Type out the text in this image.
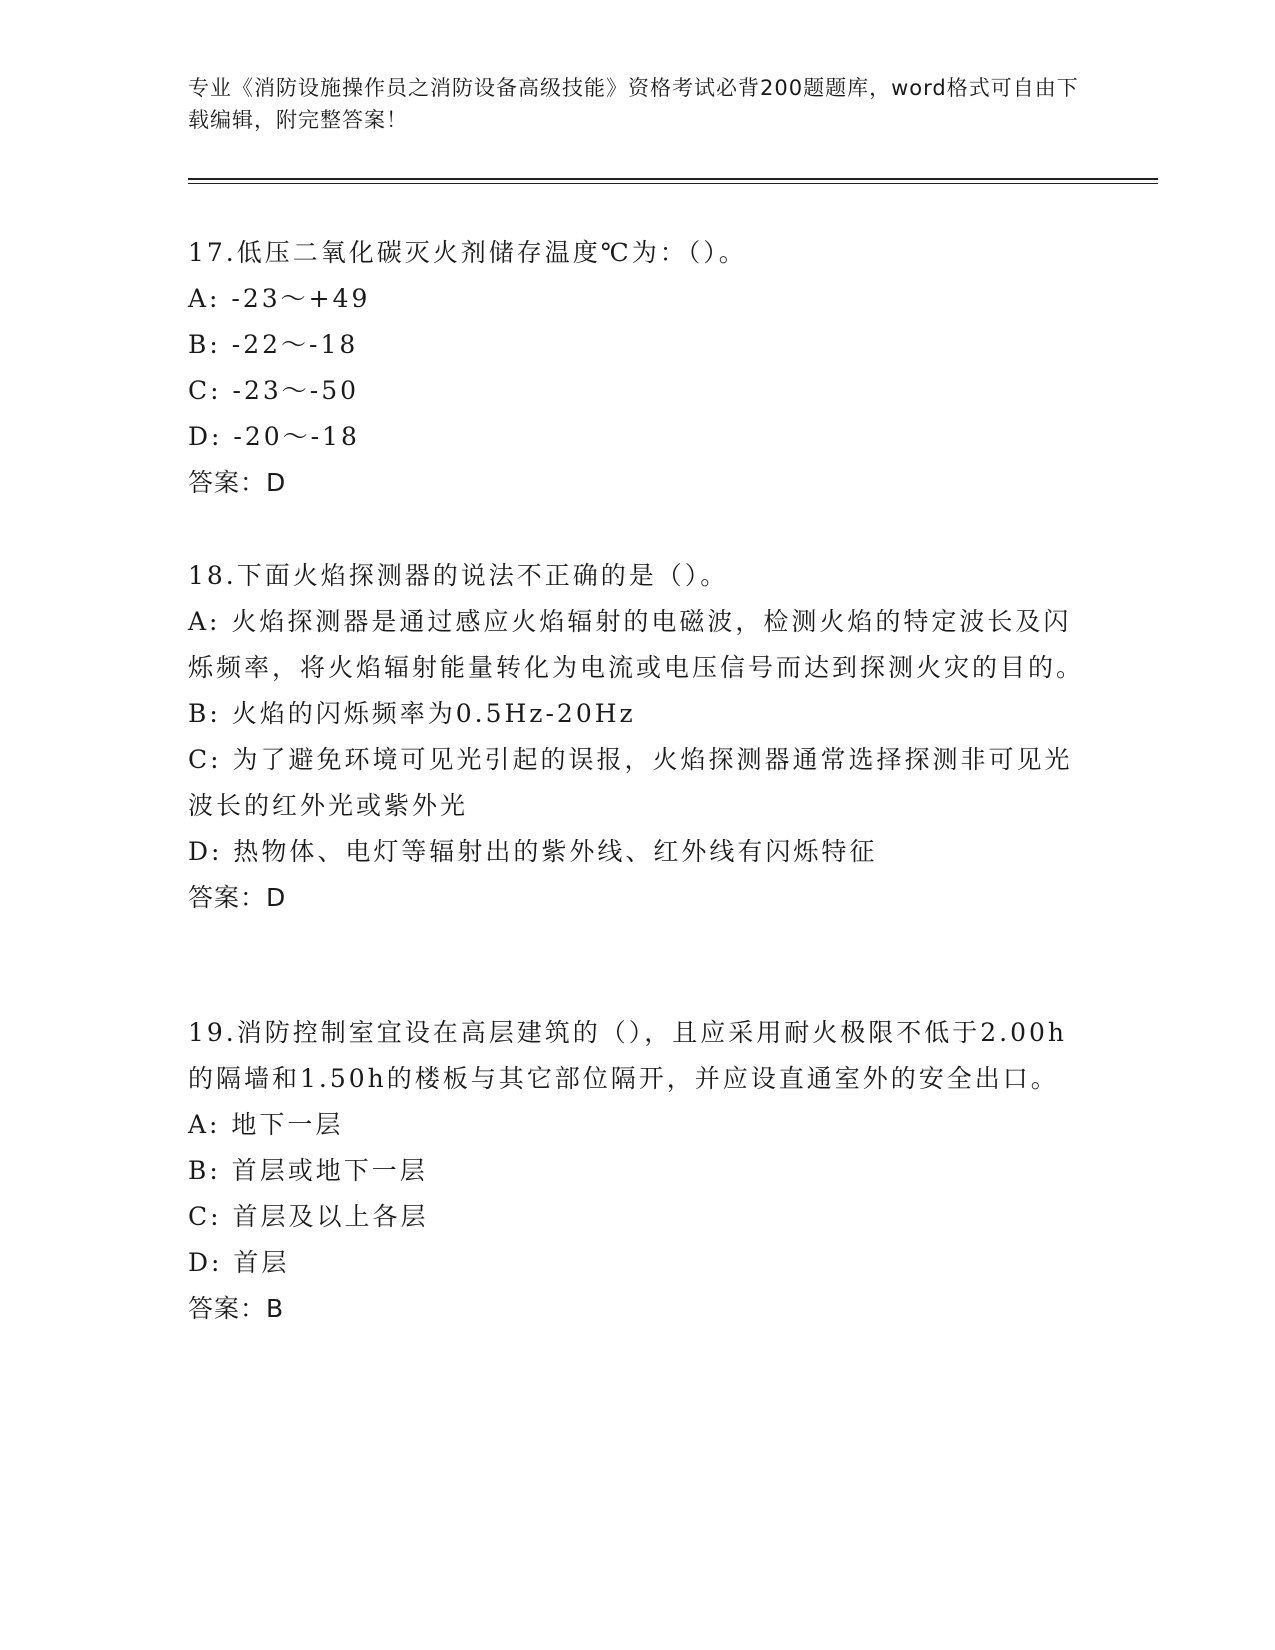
专业《消防设施操作员之消防设备高级技能》资格考试必背200题题库，word格式可自由下载编辑，附完整答案！
17.低压二氧化碳灭火剂储存温度℃为：（）。
A: -23～+49
B: -22～-18
C: -23～-50
D: -20～-18
答案：D
18.下面火焰探测器的说法不正确的是（）。
A: 火焰探测器是通过感应火焰辐射的电磁波，检测火焰的特定波长及闪烁频率，将火焰辐射能量转化为电流或电压信号而达到探测火灾的目的。
B: 火焰的闪烁频率为0.5Hz-20Hz
C: 为了避免环境可见光引起的误报，火焰探测器通常选择探测非可见光波长的红外光或紫外光
D: 热物体、电灯等辐射出的紫外线、红外线有闪烁特征
答案：D
19.消防控制室宜设在高层建筑的（），且应采用耐火极限不低于2.00h的隔墙和1.50h的楼板与其它部位隔开，并应设直通室外的安全出口。
A: 地下一层
B: 首层或地下一层
C: 首层及以上各层
D: 首层
答案：B
